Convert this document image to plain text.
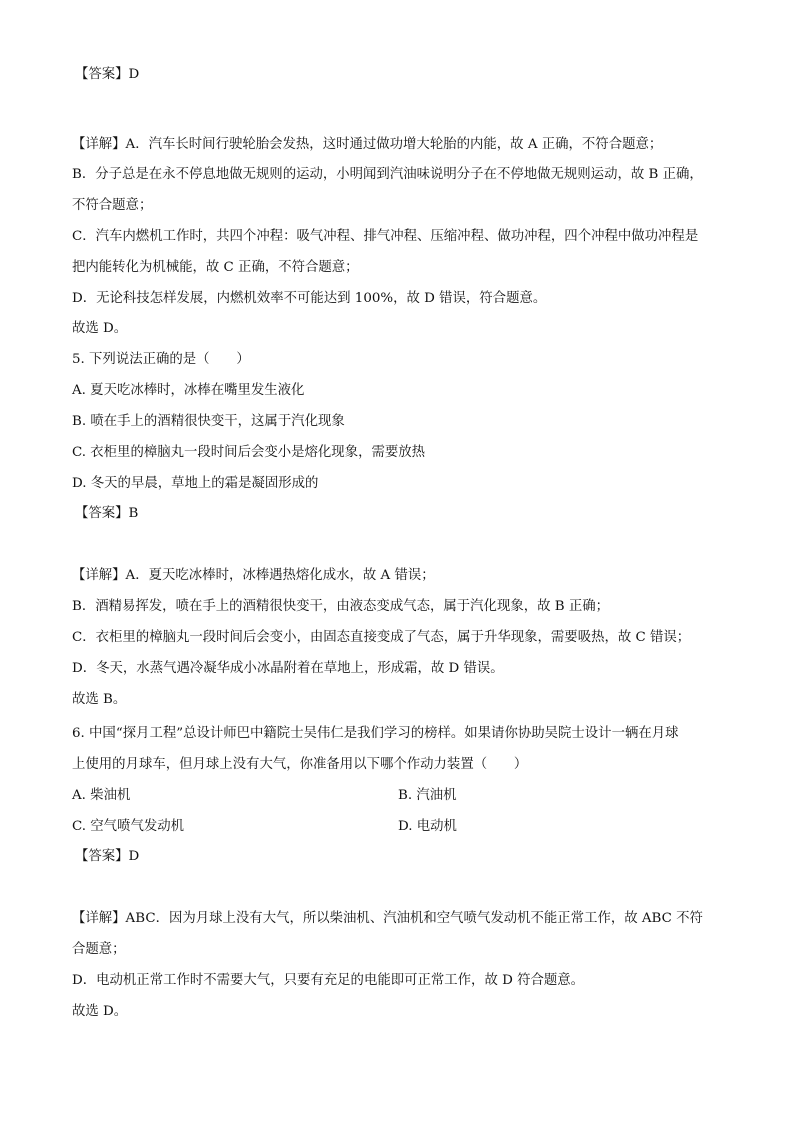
【答案】D
【详解】A．汽车长时间行驶轮胎会发热，这时通过做功增大轮胎的内能，故 A 正确，不符合题意；
B．分子总是在永不停息地做无规则的运动，小明闻到汽油味说明分子在不停地做无规则运动，故 B 正确，
不符合题意；
C．汽车内燃机工作时，共四个冲程：吸气冲程、排气冲程、压缩冲程、做功冲程，四个冲程中做功冲程是
把内能转化为机械能，故 C 正确，不符合题意；
D．无论科技怎样发展，内燃机效率不可能达到 100%，故 D 错误，符合题意。
故选 D。
5. 下列说法正确的是（　　）
A. 夏天吃冰棒时，冰棒在嘴里发生液化
B. 喷在手上的酒精很快变干，这属于汽化现象
C. 衣柜里的樟脑丸一段时间后会变小是熔化现象，需要放热
D. 冬天的早晨，草地上的霜是凝固形成的
【答案】B
【详解】A．夏天吃冰棒时，冰棒遇热熔化成水，故 A 错误；
B．酒精易挥发，喷在手上的酒精很快变干，由液态变成气态，属于汽化现象，故 B 正确；
C．衣柜里的樟脑丸一段时间后会变小，由固态直接变成了气态，属于升华现象，需要吸热，故 C 错误；
D．冬天，水蒸气遇冷凝华成小冰晶附着在草地上，形成霜，故 D 错误。
故选 B。
6. 中国“探月工程”总设计师巴中籍院士吴伟仁是我们学习的榜样。如果请你协助吴院士设计一辆在月球
上使用的月球车，但月球上没有大气，你准备用以下哪个作动力装置（　　）
A. 柴油机	B. 汽油机
C. 空气喷气发动机	D. 电动机
【答案】D
【详解】ABC．因为月球上没有大气，所以柴油机、汽油机和空气喷气发动机不能正常工作，故 ABC 不符
合题意；
D．电动机正常工作时不需要大气，只要有充足的电能即可正常工作，故 D 符合题意。
故选 D。
